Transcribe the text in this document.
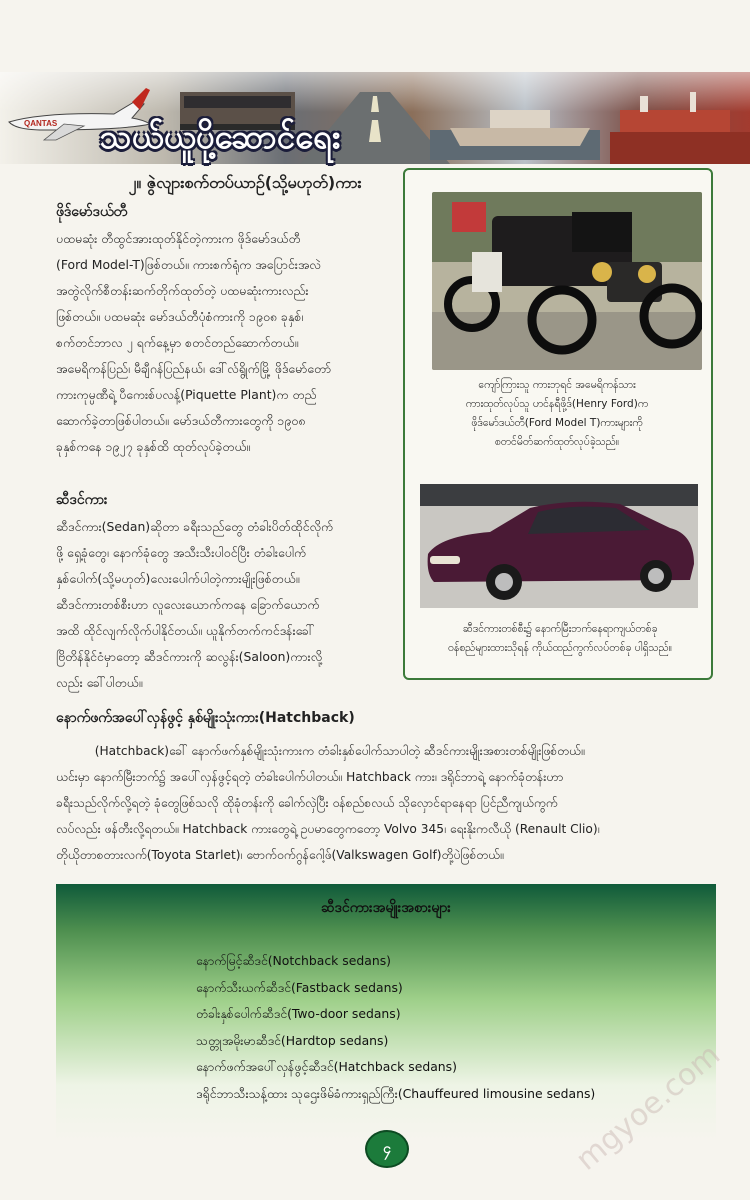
QANTAS	သယ်ယူပို့ဆောင်ရေး
၂။ ဇွဲလျားစက်တပ်ယာဉ်(သို့မဟုတ်)ကား
ဖိုဒ်မော်ဒယ်တီ
ပထမဆုံး တီထွင်အားထုတ်နိုင်တဲ့ကားက ဖိုဒ်မော်ဒယ်တီ
(Ford Model-T)ဖြစ်တယ်။ ကားစက်ရုံက အပြောင်းအလဲ
အတွဲလိုက်စီတန်းဆက်တိုက်ထုတ်တဲ့ ပထမဆုံးကားလည်း
ဖြစ်တယ်။ ပထမဆုံး မော်ဒယ်တီပုံစံကားကို ၁၉၀၈ ခုနှစ်၊
စက်တင်ဘာလ ၂ ရက်နေ့မှာ စတင်တည်ဆောက်တယ်။
အမေရိကန်ပြည်၊ မီချီဂန်ပြည်နယ်၊ ဒေါ်လ်ရွိုက်မြို့ ဖိုဒ်မော်တော်
ကားကုမ္ပဏီရဲ့ ပီကေးစ်ပလန့်(Piquette Plant)က တည်
ဆောက်ခဲ့တာဖြစ်ပါတယ်။ မော်ဒယ်တီကားတွေကို ၁၉၀၈
ခုနှစ်ကနေ ၁၉၂၇ ခုနှစ်ထိ ထုတ်လုပ်ခဲ့တယ်။
ကျော်ကြားသူ ကားဘုရင် အမေရိကန်သား
ကားထုတ်လုပ်သူ ဟင်နရီဖို့ဒ်(Henry Ford)က
ဖိုဒ်မော်ဒယ်တီ(Ford Model T)ကားများကို
စတင်မိတ်ဆက်ထုတ်လုပ်ခဲ့သည်။
ဆီဒင်ကားတစ်စီး၌ နောက်မြီးဘက်နေရာကျယ်တစ်ခု
ဝန်စည်များထားသိုရန် ကိုယ်ထည်ကွက်လပ်တစ်ခု ပါရှိသည်။
ဆီဒင်ကား
ဆီဒင်ကား(Sedan)ဆိုတာ ခရီးသည်တွေ တံခါးပိတ်ထိုင်လိုက်
ဖို့ ရှေ့ခုံတွေ၊ နောက်ခုံတွေ အသီးသီးပါဝင်ပြီး တံခါးပေါက်
နှစ်ပေါက်(သို့မဟုတ်)လေးပေါက်ပါတဲ့ကားမျိုးဖြစ်တယ်။
ဆီဒင်ကားတစ်စီးဟာ လူလေးယောက်ကနေ ခြောက်ယောက်
အထိ ထိုင်လျက်လိုက်ပါနိုင်တယ်။ ယူနိုက်တက်ကင်ဒန်းခေါ်
ဗြိတိန်နိုင်ငံမှာတော့ ဆီဒင်ကားကို ဆလွန်း(Saloon)ကားလို့
လည်း ခေါ်ပါတယ်။
နောက်ဖက်အပေါ်လှန်ဖွင့် နှစ်မျိုးသုံးကား(Hatchback)
(Hatchback)ခေါ် နောက်ဖက်နှစ်မျိုးသုံးကားက တံခါးနှစ်ပေါက်သာပါတဲ့ ဆီဒင်ကားမျိုးအစားတစ်မျိုးဖြစ်တယ်။
ယင်းမှာ နောက်မြီးဘက်၌ အပေါ်လှန်ဖွင့်ရတဲ့ တံခါးပေါက်ပါတယ်။ Hatchback ကား၊ ဒရိုင်ဘာရဲ့ နောက်ခုံတန်းဟာ
ခရီးသည်လိုက်လို့ရတဲ့ ခုံတွေဖြစ်သလို ထိုခုံတန်းကို ခေါက်လှဲပြီး ဝန်စည်စလယ် သိုလှောင်ရာနေရာ ပြင်ညီကျယ်ကွက်
လပ်လည်း ဖန်တီးလို့ရတယ်။ Hatchback ကားတွေရဲ့ ဥပမာတွေကတော့ Volvo 345၊ ရေးနိုးကလီယို (Renault Clio)၊
တိုယိုတာစတားလက်(Toyota Starlet)၊ ဗောက်ဝက်ဂွန်ဂေါ့ဖ်(Valkswagen Golf)တို့ပဲဖြစ်တယ်။
ဆီဒင်ကားအမျိုးအစားများ
နောက်မြင့်ဆီဒင်(Notchback sedans)
နောက်သီးယက်ဆီဒင်(Fastback sedans)
တံခါးနှစ်ပေါက်ဆီဒင်(Two-door sedans)
သတ္တုအမိုးမာဆီဒင်(Hardtop sedans)
နောက်ဖက်အပေါ်လှန်ဖွင့်ဆီဒင်(Hatchback sedans)
ဒရိုင်ဘာသီးသန့်ထား သုဌေးဖိမ်ခံကားရှည်ကြီး(Chauffeured limousine sedans)
၄	mgyoe.com
